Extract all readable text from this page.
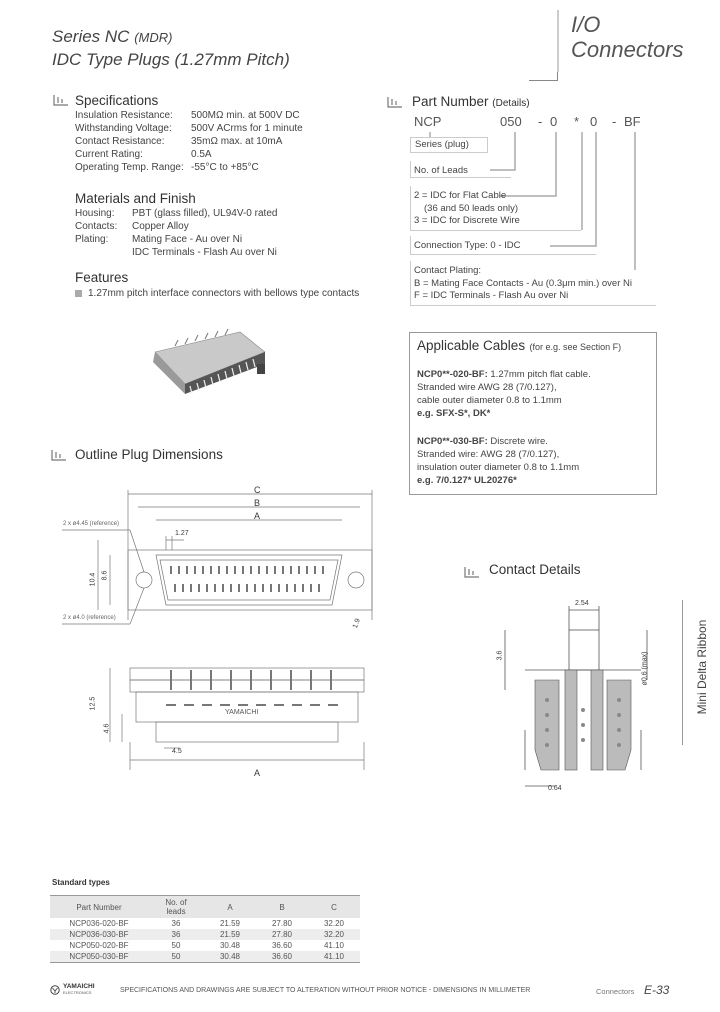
Series NC (MDR)
IDC Type Plugs (1.27mm Pitch)
I/O
Connectors
Specifications
Insulation Resistance: 500MΩ min. at 500V DC
Withstanding Voltage: 500V ACrms for 1 minute
Contact Resistance:	35mΩ max. at 10mA
Current Rating:	0.5A
Operating Temp. Range: -55°C to +85°C
Materials and Finish
Housing: PBT (glass filled), UL94V-0 rated
Contacts: Copper Alloy
Plating: Mating Face - Au over Ni
IDC Terminals - Flash Au over Ni
Features
1.27mm pitch interface connectors with bellows type contacts
Part Number (Details)
NCP	050 - 0 * 0 - BF
Series (plug)
No. of Leads
2 = IDC for Flat Cable
(36 and 50 leads only)
3 = IDC for Discrete Wire
Connection Type: 0 - IDC
Contact Plating:
B = Mating Face Contacts - Au (0.3μm min.) over Ni
F = IDC Terminals - Flash Au over Ni
Applicable Cables (for e.g. see Section F)
NCP0**-020-BF: 1.27mm pitch flat cable.
Stranded wire AWG 28 (7/0.127),
cable outer diameter 0.8 to 1.1mm
e.g. SFX-S*, DK*
NCP0**-030-BF: Discrete wire.
Stranded wire: AWG 28 (7/0.127),
insulation outer diameter 0.8 to 1.1mm
e.g. 7/0.127* UL20276*
Outline Plug Dimensions
C
B
A
1.27
2 x ø4.45 (reference)
2 x ø4.0 (reference)
8.6
10.4
12.5
4.6
4.5
1.9
YAMAICHI
A
Contact Details
2.54
3.6	ø0.6 (max)
0.64
Mini Delta Ribbon
Standard types
Part Number	No. of
leads	A	B	C
NCP036-020-BF	36	21.59	27.80	32.20
NCP036-030-BF	36	21.59	27.80	32.20
NCP050-020-BF	50	30.48	36.60	41.10
NCP050-030-BF	50	30.48	36.60	41.10
YAMAICHI
ELECTRONICS	SPECIFICATIONS AND DRAWINGS ARE SUBJECT TO ALTERATION WITHOUT PRIOR NOTICE - DIMENSIONS IN MILLIMETER	Connectors E-33
